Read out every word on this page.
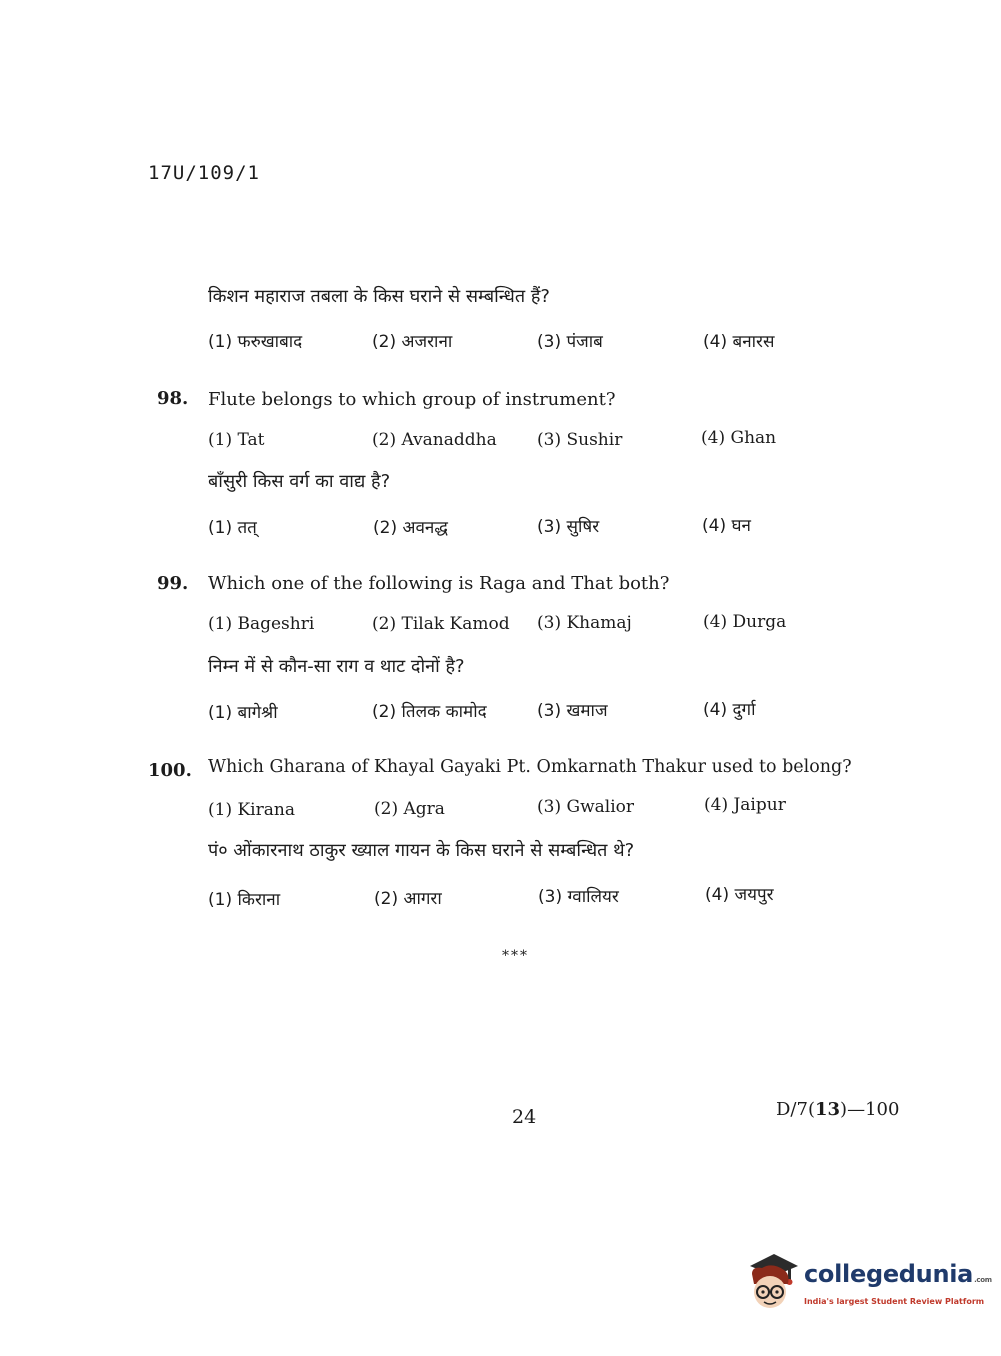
17U/109/1
किशन महाराज तबला के किस घराने से सम्बन्धित हैं?
(1) फरुखाबाद	(2) अजराना	(3) पंजाब	(4) बनारस
98. Flute belongs to which group of instrument?
(1) Tat	(2) Avanaddha (3) Sushir	(4) Ghan
बाँसुरी किस वर्ग का वाद्य है?
(1) तत्	(2) अवनद्ध	(3) सुषिर	(4) घन
99. Which one of the following is Raga and That both?
(1) Bageshri	(2) Tilak Kamod (3) Khamaj	(4) Durga
निम्न में से कौन-सा राग व थाट दोनों है?
(1) बागेश्री	(2) तिलक कामोद	(3) खमाज	(4) दुर्गा
100. Which Gharana of Khayal Gayaki Pt. Omkarnath Thakur used to belong?
(1) Kirana	(2) Agra	(3) Gwalior	(4) Jaipur
पं० ओंकारनाथ ठाकुर ख्याल गायन के किस घराने से सम्बन्धित थे?
(1) किराना	(2) आगरा	(3) ग्वालियर	(4) जयपुर
***
24	D/7(13)—100
collegedunia.com
India's largest Student Review Platform
